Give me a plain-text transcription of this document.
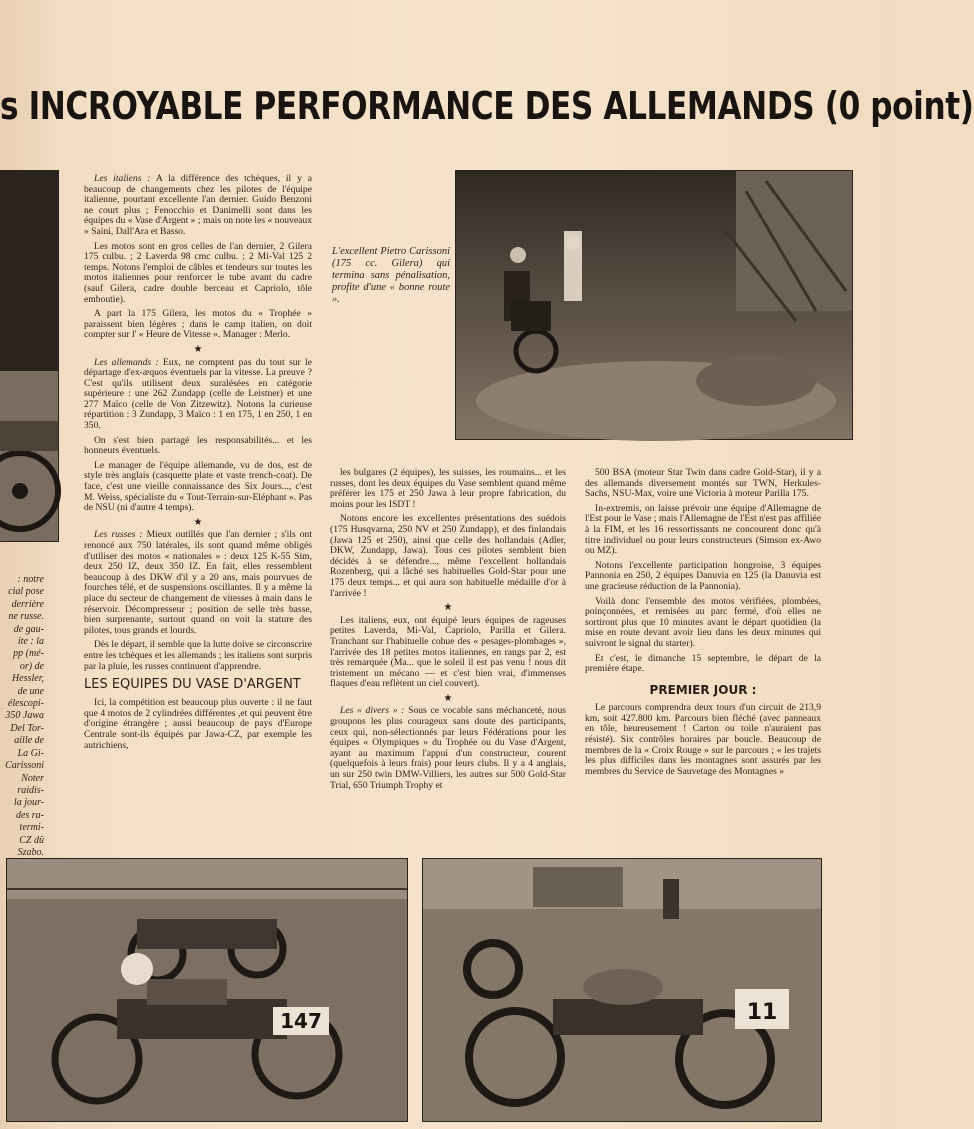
s INCROYABLE PERFORMANCE DES ALLEMANDS (0 point)
L'excellent Pietro Carissoni (175 cc. Gilera) qui termina sans pénalisation, profite d'une « bonne route ».
: notre
cial pose
derrière
ne russe.
de gau-
ite : la
pp (mé-
or) de
Hessler,
de une
élescopi-
350 Jawa
Del Tor-
aille de
La Gi-
Carissoni
Noter
raidis-
la jour-
des ra-
termi-
CZ dû
Szabo.

Les italiens : A la différence des tchèques, il y a beaucoup de changements chez les pilotes de l'équipe italienne, pourtant excellente l'an dernier. Guido Benzoni ne court plus ; Fenocchio et Danimelli sont dans les équipes du « Vase d'Argent » ; mais on note les « nouveaux » Saini, Dall'Ara et Basso.

Les motos sont en gros celles de l'an dernier, 2 Gilera 175 culbu. ; 2 Laverda 98 cmc culbu. ; 2 Mi-Val 125 2 temps. Notons l'emploi de câbles et tendeurs sur toutes les motos italiennes pour renforcer le tube avant du cadre (sauf Gilera, cadre double berceau et Capriolo, tôle emboutie).

A part la 175 Gilera, les motos du « Trophée » paraissent bien légères ; dans le camp italien, on doit compter sur l' « Heure de Vitesse ». Manager : Merlo.

★

Les allemands : Eux, ne comptent pas du tout sur le départage d'ex-æquos éventuels par la vitesse. La preuve ? C'est qu'ils utilisent deux suralésées en catégorie supérieure : une 262 Zundapp (celle de Leistner) et une 277 Maïco (celle de Von Zitzewitz). Notons la curieuse répartition : 3 Zundapp, 3 Maïco : 1 en 175, 1 en 250, 1 en 350.

On s'est bien partagé les responsabilités... et les honneurs éventuels.

Le manager de l'équipe allemande, vu de dos, est de style très anglais (casquette plate et vaste trench-coat). De face, c'est une vieille connaissance des Six Jours..., c'est M. Weiss, spécialiste du « Tout-Terrain-sur-Eléphant ». Pas de NSU (ni d'autre 4 temps).

★

Les russes : Mieux outillés que l'an dernier ; s'ils ont renoncé aux 750 latérales, ils sont quand même obligés d'utiliser des motos « nationales » : deux 125 K-55 Sim, deux 250 IZ, deux 350 IZ. En fait, elles ressemblent beaucoup à des DKW d'il y a 20 ans, mais pourvues de fourches télé, et de suspensions oscillantes. Il y a même la place du secteur de changement de vitesses à main dans le réservoir. Décompresseur ; position de selle très basse, bien surprenante, surtout quand on voit la stature des pilotes, tous grands et lourds.

Dès le départ, il semble que la lutte doive se circonscrire entre les tchèques et les allemands ; les italiens sont surpris par la pluie, les russes continuent d'apprendre.

LES EQUIPES DU VASE D'ARGENT

Ici, la compétition est beaucoup plus ouverte : il ne faut que 4 motos de 2 cylindrées différentes ,et qui peuvent être d'origine étrangère ; aussi beaucoup de pays d'Europe Centrale sont-ils équipés par Jawa-CZ, par exemple les autrichiens,

les bulgares (2 équipes), les suisses, les roumains... et les russes, dont les deux équipes du Vase semblent quand même préférer les 175 et 250 Jawa à leur propre fabrication, du moins pour les ISDT !

Notons encore les excellentes présentations des suédois (175 Husqvarna, 250 NV et 250 Zundapp), et des finlandais (Jawa 125 et 250), ainsi que celle des hollandais (Adler, DKW, Zundapp, Jawa). Tous ces pilotes semblent bien décidés à se défendre..., même l'excellent hollandais Rozenberg, qui a lâché ses habituelles Gold-Star pour une 175 deux temps... et qui aura son habituelle médaille d'or à l'arrivée !

★

Les italiens, eux, ont équipé leurs équipes de rageuses petites Laverda, Mi-Val, Capriolo, Parilla et Gilera. Tranchant sur l'habituelle cohue des « pesages-plombages », l'arrivée des 18 petites motos italiennes, en rangs par 2, est très remarquée (Ma... que le soleil il est pas venu ! nous dit tristement un mécano — et c'est bien vrai, d'immenses flaques d'eau reflètent un ciel couvert).

★

Les « divers » : Sous ce vocable sans méchanceté, nous groupons les plus courageux sans doute des participants, ceux qui, non-sélectionnés par leurs Fédérations pour les équipes « Olympiques » du Trophée ou du Vase d'Argent, ayant au maximum l'appui d'un constructeur, courent (quelquefois à leurs frais) pour leurs clubs. Il y a 4 anglais, un sur 250 twin DMW-Villiers, les autres sur 500 Gold-Star Trial, 650 Triumph Trophy et

500 BSA (moteur Star Twin dans cadre Gold-Star), il y a des allemands diversement montés sur TWN, Herkules-Sachs, NSU-Max, voire une Victoria à moteur Parilla 175.

In-extremis, on laisse prévoir une équipe d'Allemagne de l'Est pour le Vase ; mais l'Allemagne de l'Est n'est pas affiliée à la FIM, et les 16 ressortissants ne concourent donc qu'à titre individuel ou pour leurs constructeurs (Simson ex-Awo ou MZ).

Notons l'excellente participation hongroise, 3 équipes Pannonia en 250, 2 équipes Danuvia en 125 (la Danuvia est une gracieuse réduction de la Pannonia).

Voilà donc l'ensemble des motos vérifiées, plombées, poinçonnées, et remisées au parc fermé, d'où elles ne sortiront plus que 10 minutes avant le départ quotidien (la mise en route devant avoir lieu dans les deux minutes qui suivront le signal du starter).

Et c'est, le dimanche 15 septembre, le départ de la première étape.

PREMIER JOUR :

Le parcours comprendra deux tours d'un circuit de 213,9 km, soit 427.800 km. Parcours bien fléché (avec panneaux en tôle, heureusement ! Carton ou toile n'auraient pas résisté). Six contrôles horaires par boucle. Beaucoup de membres de la « Croix Rouge » sur le parcours ; « les trajets les plus difficiles dans les montagnes sont assurés par les membres du Service de Sauvetage des Montagnes »

147	11
